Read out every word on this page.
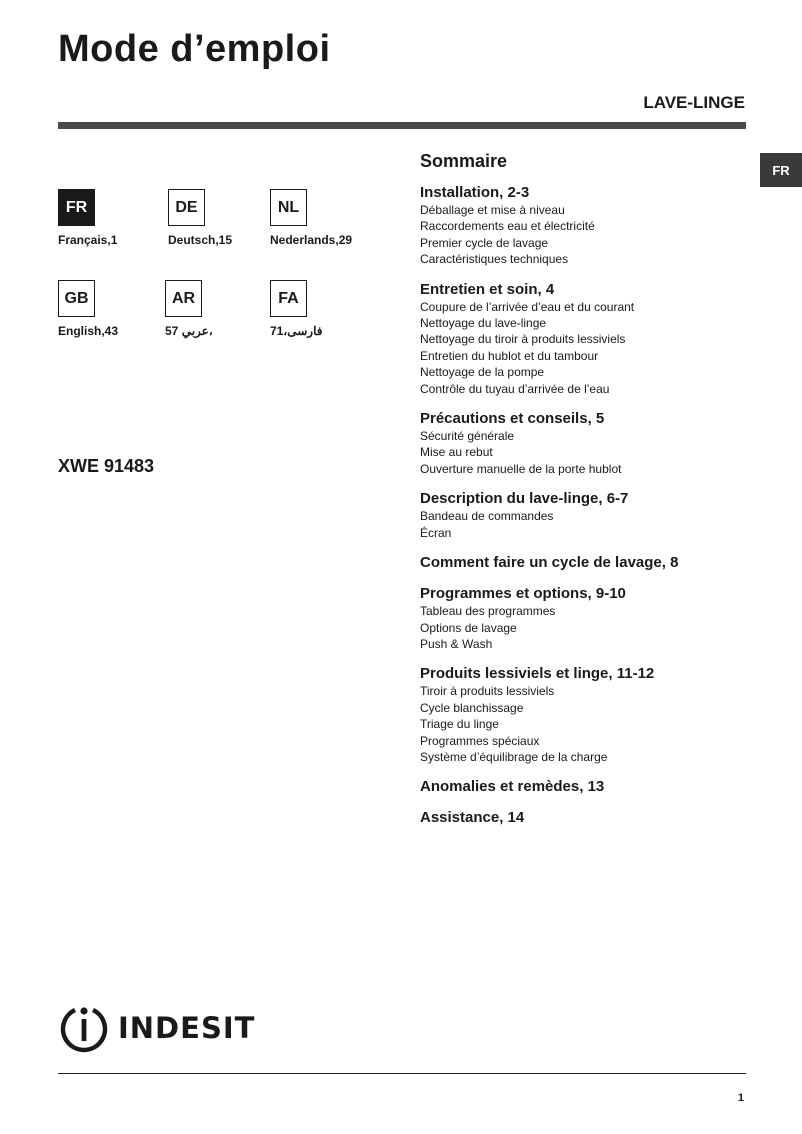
Mode d’emploi
LAVE-LINGE
FR
FR
Français,1
DE
Deutsch,15
NL
Nederlands,29
GB
English,43
AR
57 عربي،
FA
فارسی،71
XWE 91483
Sommaire
Installation, 2-3
Déballage et mise à niveau
Raccordements eau et électricité
Premier cycle de lavage
Caractéristiques techniques
Entretien et soin, 4
Coupure de l’arrivée d’eau et du courant
Nettoyage du lave-linge
Nettoyage du tiroir à produits lessiviels
Entretien du hublot et du tambour
Nettoyage de la pompe
Contrôle du tuyau d’arrivée de l’eau
Précautions et conseils, 5
Sécurité générale
Mise au rebut
Ouverture manuelle de la porte hublot
Description du lave-linge, 6-7
Bandeau de commandes
Écran
Comment faire un cycle de lavage, 8
Programmes et options, 9-10
Tableau des programmes
Options de lavage
Push & Wash
Produits lessiviels et linge, 11-12
Tiroir à produits lessiviels
Cycle blanchissage
Triage du linge
Programmes spéciaux
Système d’équilibrage de la charge
Anomalies et remèdes, 13
Assistance, 14
INDESIT
1
